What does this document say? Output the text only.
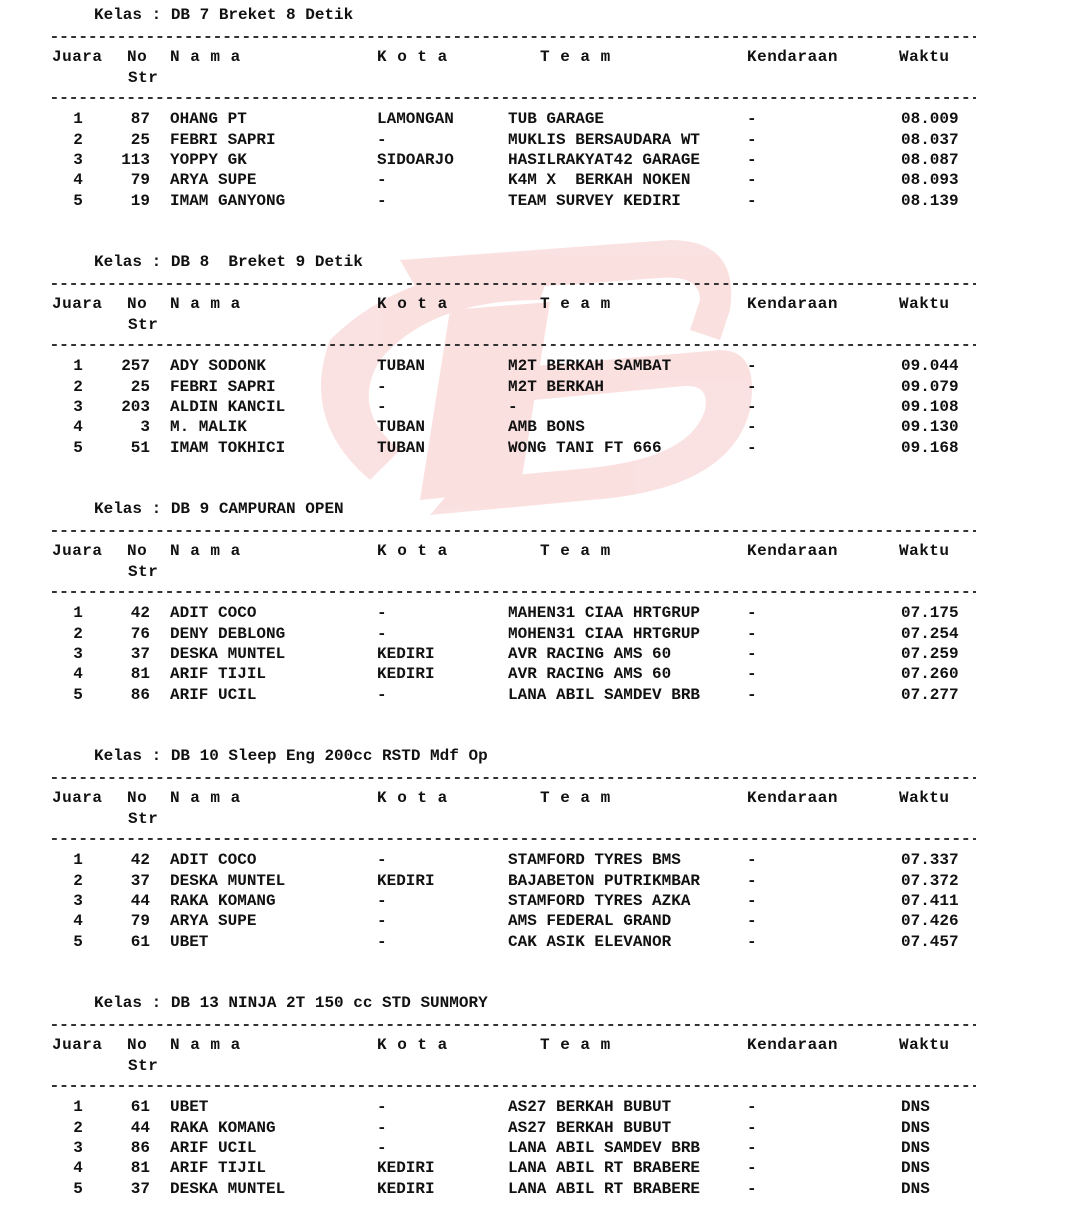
Kelas : DB 7 Breket 8 Detik
Juara No
Str
N a m a	K o t a	T e a m	Kendaraan	Waktu
1	87 OHANG PT	LAMONGAN	TUB GARAGE	-	08.009
2	25 FEBRI SAPRI	-	MUKLIS BERSAUDARA WT	-	08.037
3	113 YOPPY GK	SIDOARJO	HASILRAKYAT42 GARAGE	-	08.087
4	79 ARYA SUPE	-	K4M X  BERKAH NOKEN	-	08.093
5	19 IMAM GANYONG	-	TEAM SURVEY KEDIRI	-	08.139
Kelas : DB 8  Breket 9 Detik
Juara No
Str
N a m a	K o t a	T e a m	Kendaraan	Waktu
1	257 ADY SODONK	TUBAN	M2T BERKAH SAMBAT	-	09.044
2	25 FEBRI SAPRI	-	M2T BERKAH	-	09.079
3	203 ALDIN KANCIL	-	-	-	09.108
4	3 M. MALIK	TUBAN	AMB BONS	-	09.130
5	51 IMAM TOKHICI	TUBAN	WONG TANI FT 666	-	09.168
Kelas : DB 9 CAMPURAN OPEN
Juara No
Str
N a m a	K o t a	T e a m	Kendaraan	Waktu
1	42 ADIT COCO	-	MAHEN31 CIAA HRTGRUP	-	07.175
2	76 DENY DEBLONG	-	MOHEN31 CIAA HRTGRUP	-	07.254
3	37 DESKA MUNTEL	KEDIRI	AVR RACING AMS 60	-	07.259
4	81 ARIF TIJIL	KEDIRI	AVR RACING AMS 60	-	07.260
5	86 ARIF UCIL	-	LANA ABIL SAMDEV BRB	-	07.277
Kelas : DB 10 Sleep Eng 200cc RSTD Mdf Op
Juara No
Str
N a m a	K o t a	T e a m	Kendaraan	Waktu
1	42 ADIT COCO	-	STAMFORD TYRES BMS	-	07.337
2	37 DESKA MUNTEL	KEDIRI	BAJABETON PUTRIKMBAR	-	07.372
3	44 RAKA KOMANG	-	STAMFORD TYRES AZKA	-	07.411
4	79 ARYA SUPE	-	AMS FEDERAL GRAND	-	07.426
5	61 UBET	-	CAK ASIK ELEVANOR	-	07.457
Kelas : DB 13 NINJA 2T 150 cc STD SUNMORY
Juara No
Str
N a m a	K o t a	T e a m	Kendaraan	Waktu
1	61 UBET	-	AS27 BERKAH BUBUT	-	DNS
2	44 RAKA KOMANG	-	AS27 BERKAH BUBUT	-	DNS
3	86 ARIF UCIL	-	LANA ABIL SAMDEV BRB	-	DNS
4	81 ARIF TIJIL	KEDIRI	LANA ABIL RT BRABERE	-	DNS
5	37 DESKA MUNTEL	KEDIRI	LANA ABIL RT BRABERE	-	DNS
